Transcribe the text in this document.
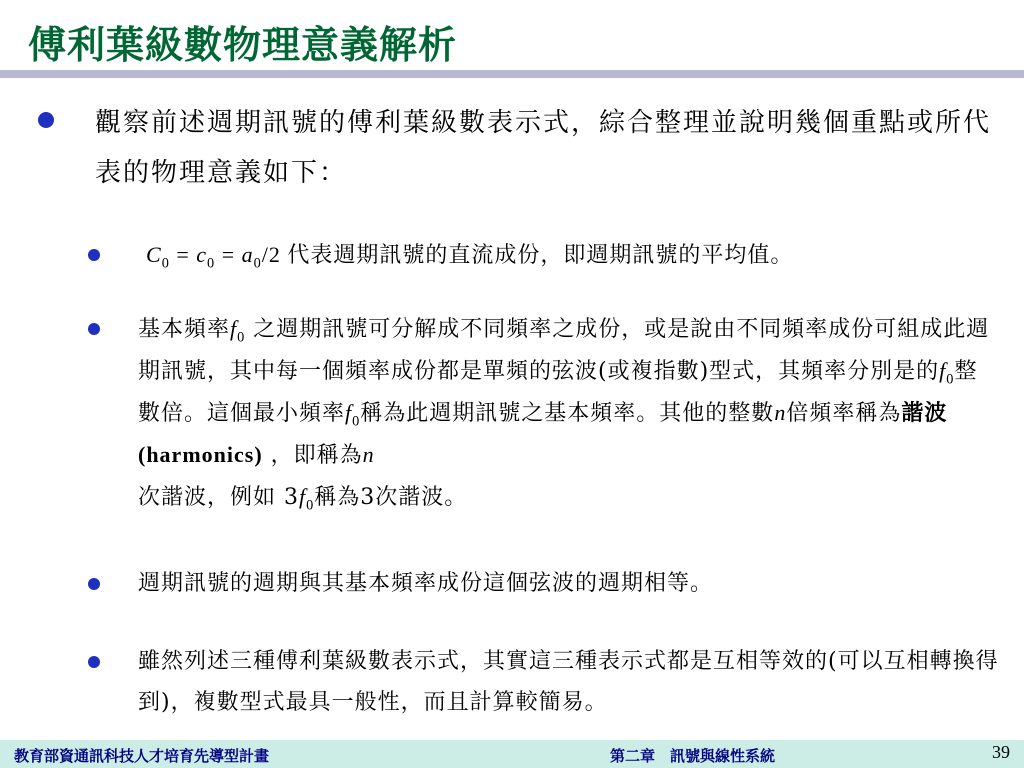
傅利葉級數物理意義解析
觀察前述週期訊號的傅利葉級數表示式，綜合整理並說明幾個重點或所代表的物理意義如下：
$C_0 = c_0 = a_0/2$ 代表週期訊號的直流成份，即週期訊號的平均值。
基本頻率$f_0$ 之週期訊號可分解成不同頻率之成份，或是說由不同頻率成份可組成此週期訊號，其中每一個頻率成份都是單頻的弦波(或複指數)型式，其頻率分別是的$f_0$整數倍。這個最小頻率$f_0$稱為此週期訊號之基本頻率。其他的整數n倍頻率稱為諧波(harmonics) ，即稱為n
次諧波，例如 $3f_0$稱為3次諧波。
週期訊號的週期與其基本頻率成份這個弦波的週期相等。
雖然列述三種傅利葉級數表示式，其實這三種表示式都是互相等效的(可以互相轉換得到)，複數型式最具一般性，而且計算較簡易。
教育部資通訊科技人才培育先導型計畫	第二章　訊號與線性系統	39
